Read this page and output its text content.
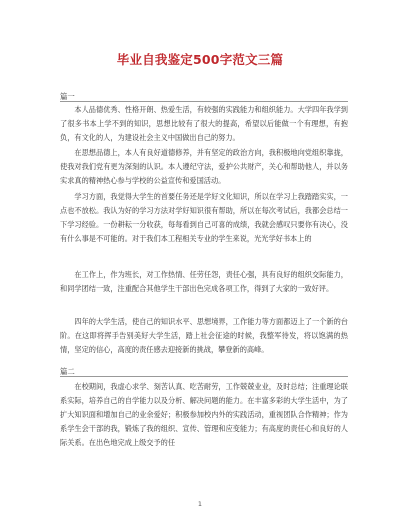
毕业自我鉴定500字范文三篇
篇一
本人品德优秀、性格开朗、热爱生活，有较强的实践能力和组织能力。大学四年我学到了很多书本上学不到的知识，思想比较有了很大的提高，希望以后能做一个有理想，有抱负，有文化的人，为建设社会主义中国做出自己的努力。
在思想品德上，本人有良好道德修养，并有坚定的政治方向，我积极地向党组织靠拢，使我对我们党有更为深刻的认识。本人遵纪守法，爱护公共财产，关心和帮助他人，并以务实求真的精神热心参与学校的公益宣传和爱国活动。
学习方面，我觉得大学生的首要任务还是学好文化知识，所以在学习上我踏踏实实，一点也不放松。我认为好的学习方法对学好知识很有帮助，所以在每次考试后，我都会总结一下学习经验。一份耕耘一分收获，每每看到自己可喜的成绩，我就会感叹只要你有决心，没有什么事是不可能的。对于我们本工程相关专业的学生来说，光光学好书本上的
在工作上，作为班长，对工作热情、任劳任怨，责任心强，具有良好的组织交际能力，和同学团结一致，注重配合其他学生干部出色完成各项工作，得到了大家的一致好评。
四年的大学生活，使自己的知识水平、思想境界，工作能力等方面都迈上了一个新的台阶。在这即将挥手告别美好大学生活，踏上社会征途的时候，我整军待发，将以饱满的热情，坚定的信心，高度的责任感去迎接新的挑战，攀登新的高峰。
篇二
在校期间，我虚心求学、刻苦认真、吃苦耐劳，工作兢兢业业，及时总结；注重理论联系实际，培养自己的自学能力以及分析、解决问题的能力。在丰富多彩的大学生活中，为了扩大知识面和增加自己的业余爱好；积极参加校内外的实践活动，重视团队合作精神；作为系学生会干部的我，锻炼了我的组织、宣传、管理和应变能力；有高度的责任心和良好的人际关系。在出色地完成上级交予的任
1
